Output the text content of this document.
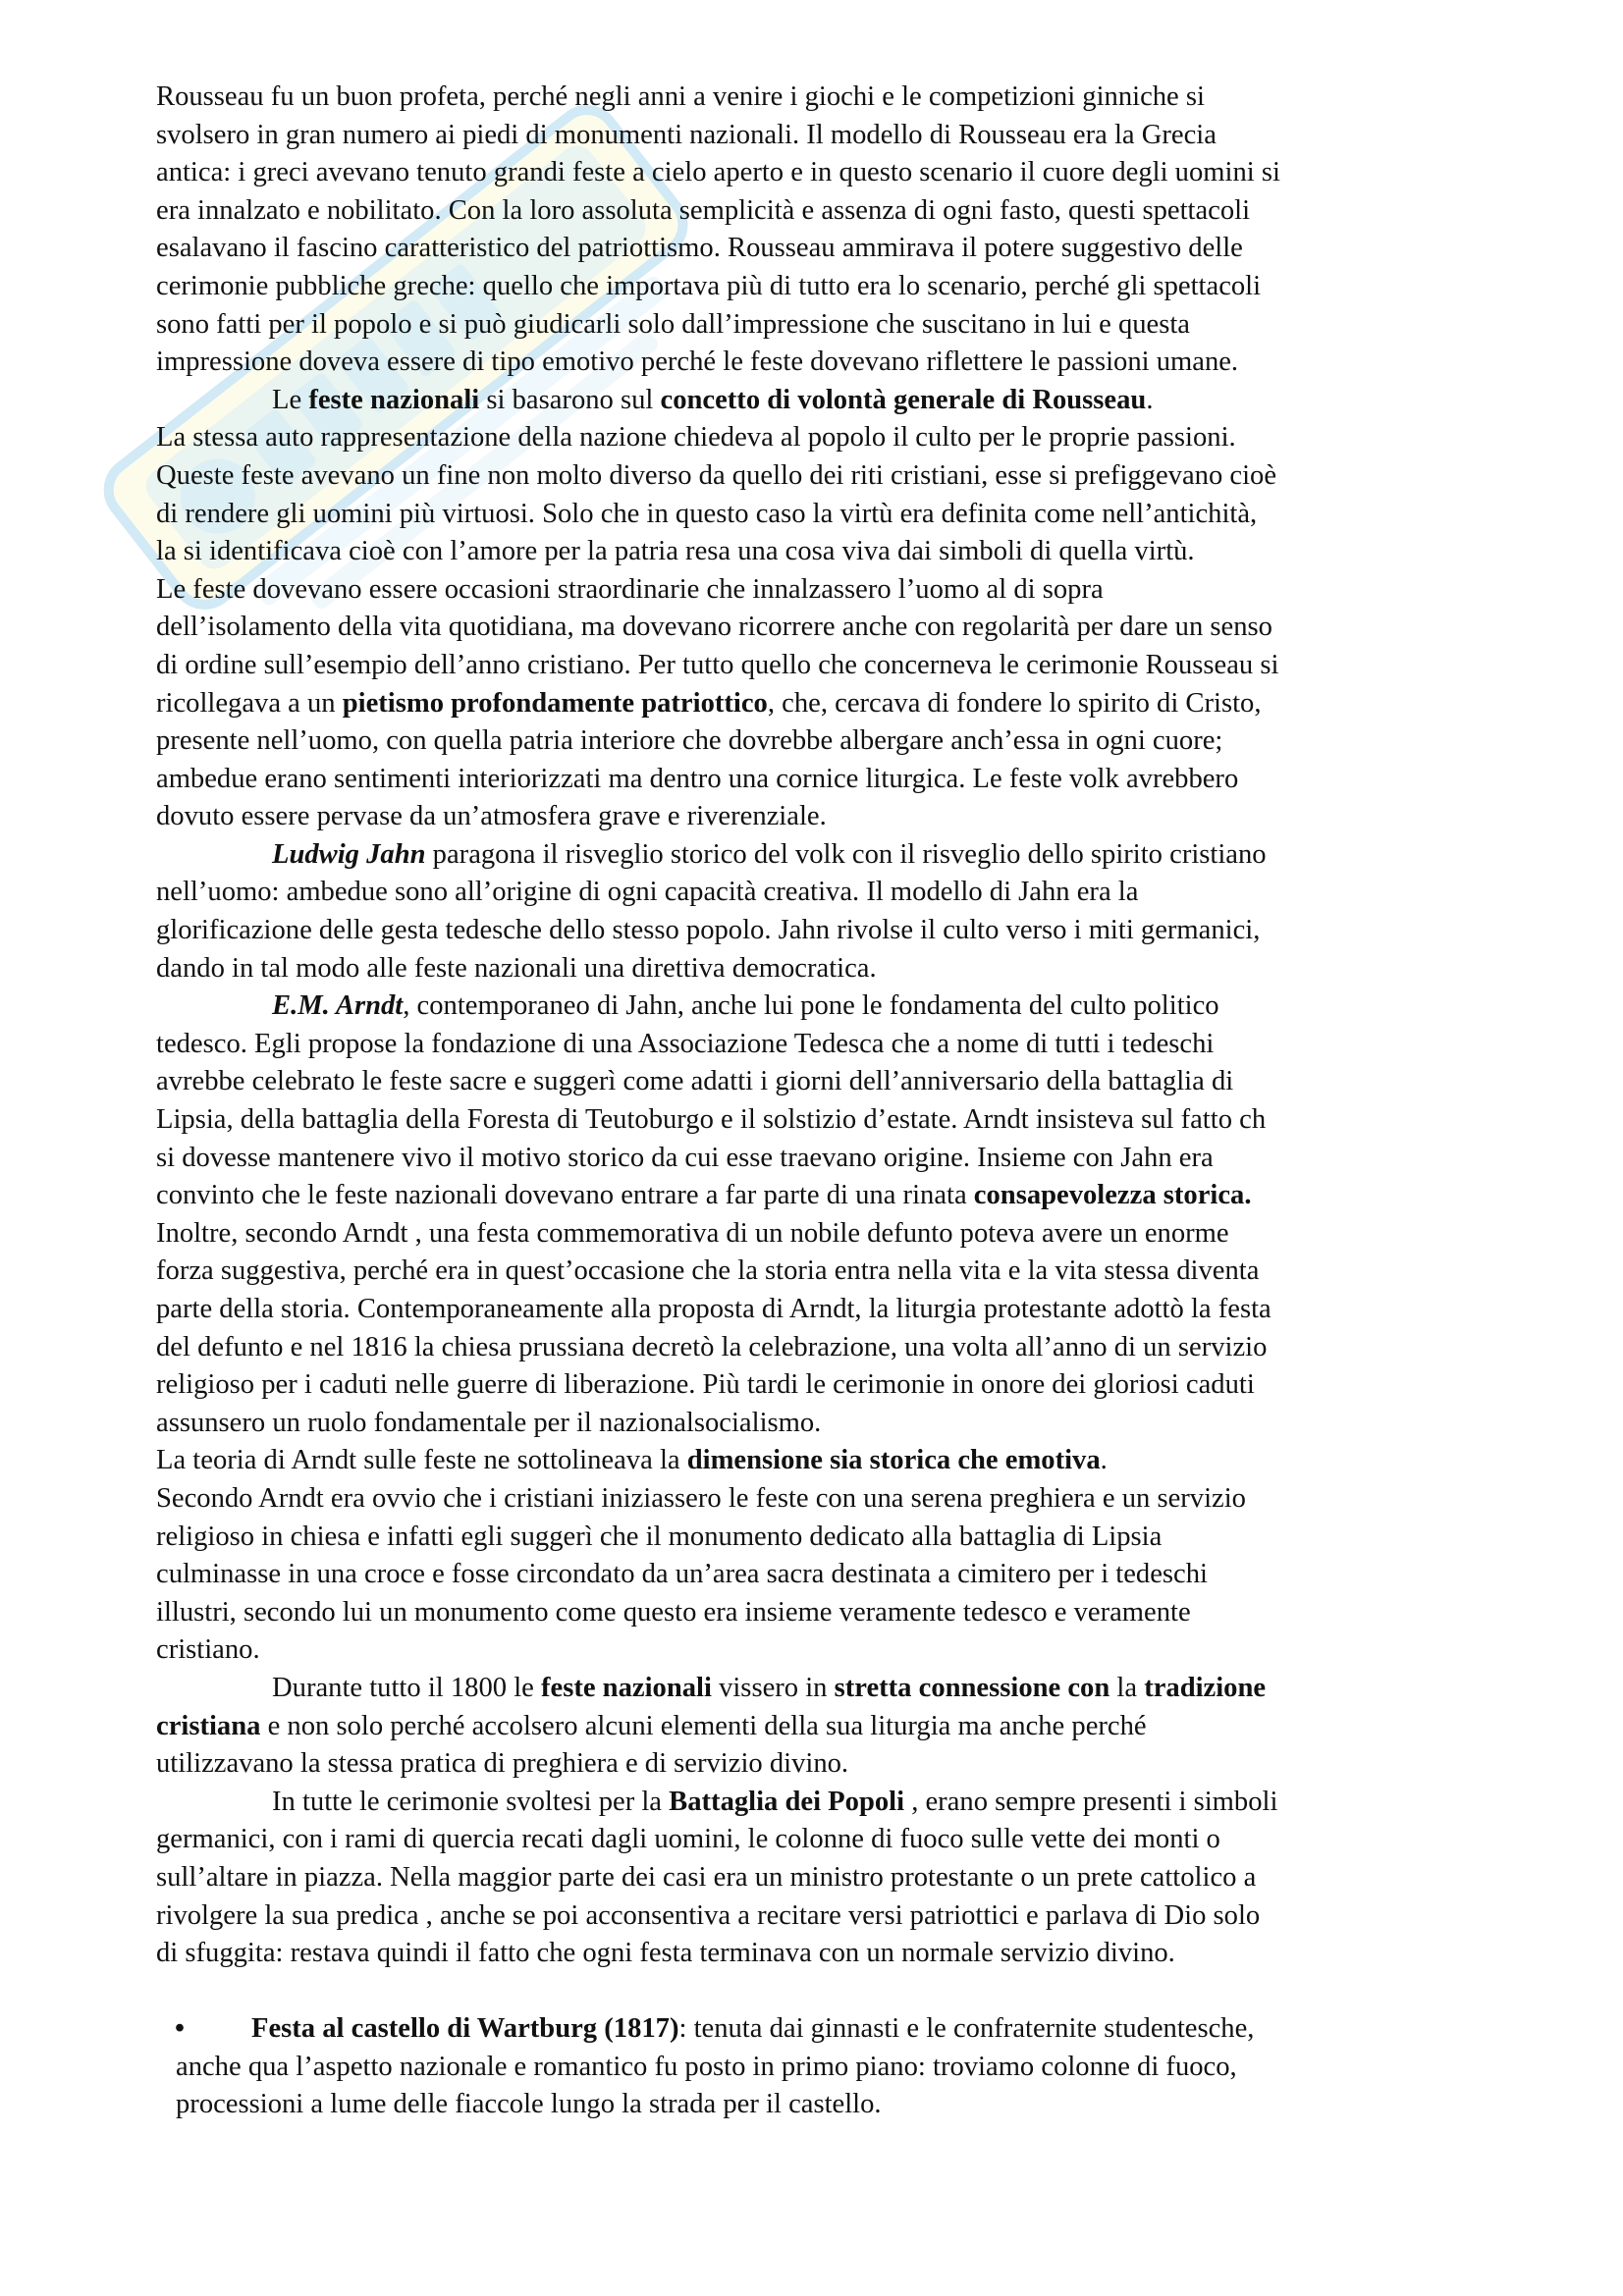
Rousseau fu un buon profeta, perché negli anni a venire i giochi e le competizioni ginniche si
svolsero in gran numero ai piedi di monumenti nazionali. Il modello di Rousseau era la Grecia
antica: i greci avevano tenuto grandi feste a cielo aperto e in questo scenario il cuore degli uomini si
era innalzato e nobilitato. Con la loro assoluta semplicità e assenza di ogni fasto, questi spettacoli
esalavano il fascino caratteristico del patriottismo. Rousseau ammirava il potere suggestivo delle
cerimonie pubbliche greche: quello che importava più di tutto era lo scenario, perché gli spettacoli
sono fatti per il popolo e si può giudicarli solo dall’impressione che suscitano in lui e questa
impressione doveva essere di tipo emotivo perché le feste dovevano riflettere le passioni umane.
Le feste nazionali si basarono sul concetto di volontà generale di Rousseau.
La stessa auto rappresentazione della nazione chiedeva al popolo il culto per le proprie passioni.
Queste feste avevano un fine non molto diverso da quello dei riti cristiani, esse si prefiggevano cioè
di rendere gli uomini più virtuosi. Solo che in questo caso la virtù era definita come nell’antichità,
la si identificava cioè con l’amore per la patria resa una cosa viva dai simboli di quella virtù.
Le feste dovevano essere occasioni straordinarie che innalzassero l’uomo al di sopra
dell’isolamento della vita quotidiana, ma dovevano ricorrere anche con regolarità per dare un senso
di ordine sull’esempio dell’anno cristiano. Per tutto quello che concerneva le cerimonie Rousseau si
ricollegava a un pietismo profondamente patriottico, che, cercava di fondere lo spirito di Cristo,
presente nell’uomo, con quella patria interiore che dovrebbe albergare anch’essa in ogni cuore;
ambedue erano sentimenti interiorizzati ma dentro una cornice liturgica. Le feste volk avrebbero
dovuto essere pervase da un’atmosfera grave e riverenziale.
Ludwig Jahn paragona il risveglio storico del volk con il risveglio dello spirito cristiano
nell’uomo: ambedue sono all’origine di ogni capacità creativa. Il modello di Jahn era la
glorificazione delle gesta tedesche dello stesso popolo. Jahn rivolse il culto verso i miti germanici,
dando in tal modo alle feste nazionali una direttiva democratica.
E.M. Arndt, contemporaneo di Jahn, anche lui pone le fondamenta del culto politico
tedesco. Egli propose la fondazione di una Associazione Tedesca che a nome di tutti i tedeschi
avrebbe celebrato le feste sacre e suggerì come adatti i giorni dell’anniversario della battaglia di
Lipsia, della battaglia della Foresta di Teutoburgo e il solstizio d’estate. Arndt insisteva sul fatto ch
si dovesse mantenere vivo il motivo storico da cui esse traevano origine. Insieme con Jahn era
convinto che le feste nazionali dovevano entrare a far parte di una rinata consapevolezza storica.
Inoltre, secondo Arndt , una festa commemorativa di un nobile defunto poteva avere un enorme
forza suggestiva, perché era in quest’occasione che la storia entra nella vita e la vita stessa diventa
parte della storia. Contemporaneamente alla proposta di Arndt, la liturgia protestante adottò la festa
del defunto e nel 1816 la chiesa prussiana decretò la celebrazione, una volta all’anno di un servizio
religioso per i caduti nelle guerre di liberazione. Più tardi le cerimonie in onore dei gloriosi caduti
assunsero un ruolo fondamentale per il nazionalsocialismo.
La teoria di Arndt sulle feste ne sottolineava la dimensione sia storica che emotiva.
Secondo Arndt era ovvio che i cristiani iniziassero le feste con una serena preghiera e un servizio
religioso in chiesa e infatti egli suggerì che il monumento dedicato alla battaglia di Lipsia
culminasse in una croce e fosse circondato da un’area sacra destinata a cimitero per i tedeschi
illustri, secondo lui un monumento come questo era insieme veramente tedesco e veramente
cristiano.
Durante tutto il 1800 le feste nazionali vissero in stretta connessione con la tradizione
cristiana e non solo perché accolsero alcuni elementi della sua liturgia ma anche perché
utilizzavano la stessa pratica di preghiera e di servizio divino.
In tutte le cerimonie svoltesi per la Battaglia dei Popoli , erano sempre presenti i simboli
germanici, con i rami di quercia recati dagli uomini, le colonne di fuoco sulle vette dei monti o
sull’altare in piazza. Nella maggior parte dei casi era un ministro protestante o un prete cattolico a
rivolgere la sua predica , anche se poi acconsentiva a recitare versi patriottici e parlava di Dio solo
di sfuggita: restava quindi il fatto che ogni festa terminava con un normale servizio divino.
•	Festa al castello di Wartburg (1817): tenuta dai ginnasti e le confraternite studentesche,
anche qua l’aspetto nazionale e romantico fu posto in primo piano: troviamo colonne di fuoco,
processioni a lume delle fiaccole lungo la strada per il castello.
